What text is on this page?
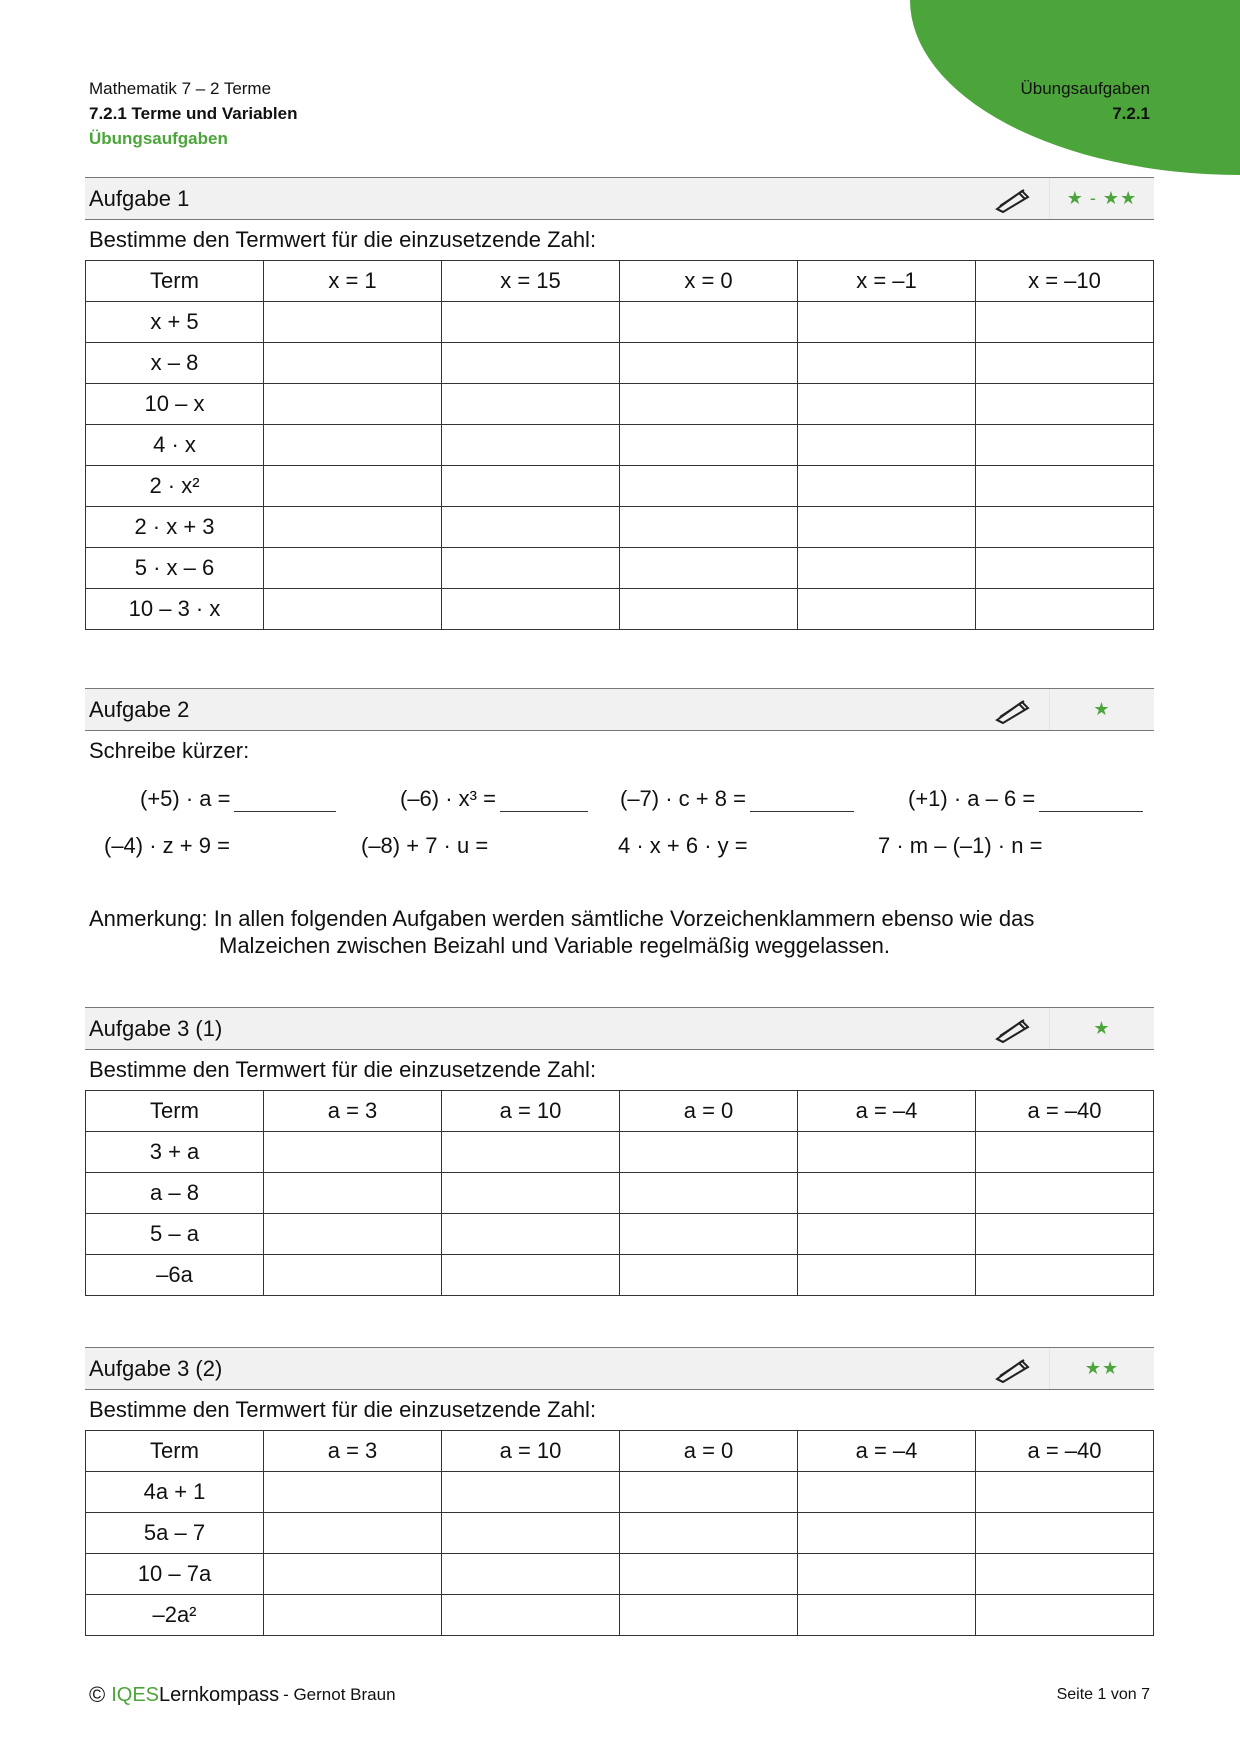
Mathematik 7 – 2 Terme
7.2.1 Terme und Variablen
Übungsaufgaben
Übungsaufgaben
7.2.1
Aufgabe 1	★ - ★★
Bestimme den Termwert für die einzusetzende Zahl:
Term	x = 1	x = 15	x = 0	x = –1	x = –10
x + 5					
x – 8					
10 – x					
4 · x					
2 · x²					
2 · x + 3					
5 · x – 6					
10 – 3 · x					
Aufgabe 2	★
Schreibe kürzer:
(+5) · a =	(–6) · x³ =	(–7) · c + 8 =	(+1) · a – 6 =
(–4) · z + 9 =	(–8) + 7 · u =	4 · x + 6 · y =	7 · m – (–1) · n =
Anmerkung: In allen folgenden Aufgaben werden sämtliche Vorzeichenklammern ebenso wie das
Malzeichen zwischen Beizahl und Variable regelmäßig weggelassen.
Aufgabe 3 (1)	★
Bestimme den Termwert für die einzusetzende Zahl:
Term	a = 3	a = 10	a = 0	a = –4	a = –40
3 + a					
a – 8					
5 – a					
–6a					
Aufgabe 3 (2)	★★
Bestimme den Termwert für die einzusetzende Zahl:
Term	a = 3	a = 10	a = 0	a = –4	a = –40
4a + 1					
5a – 7					
10 – 7a					
–2a²					
© IQES Lernkompass - Gernot Braun	Seite 1 von 7
